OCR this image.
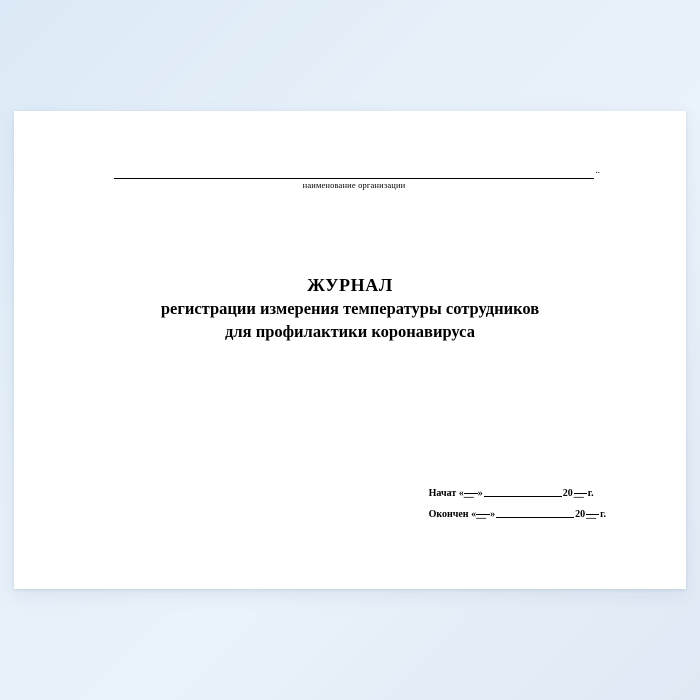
..
наименование организации
ЖУРНАЛ
регистрации измерения температуры сотрудников
для профилактики коронавируса
Начат «__ »	20__ г.
Окончен «__ »	20__ г.
